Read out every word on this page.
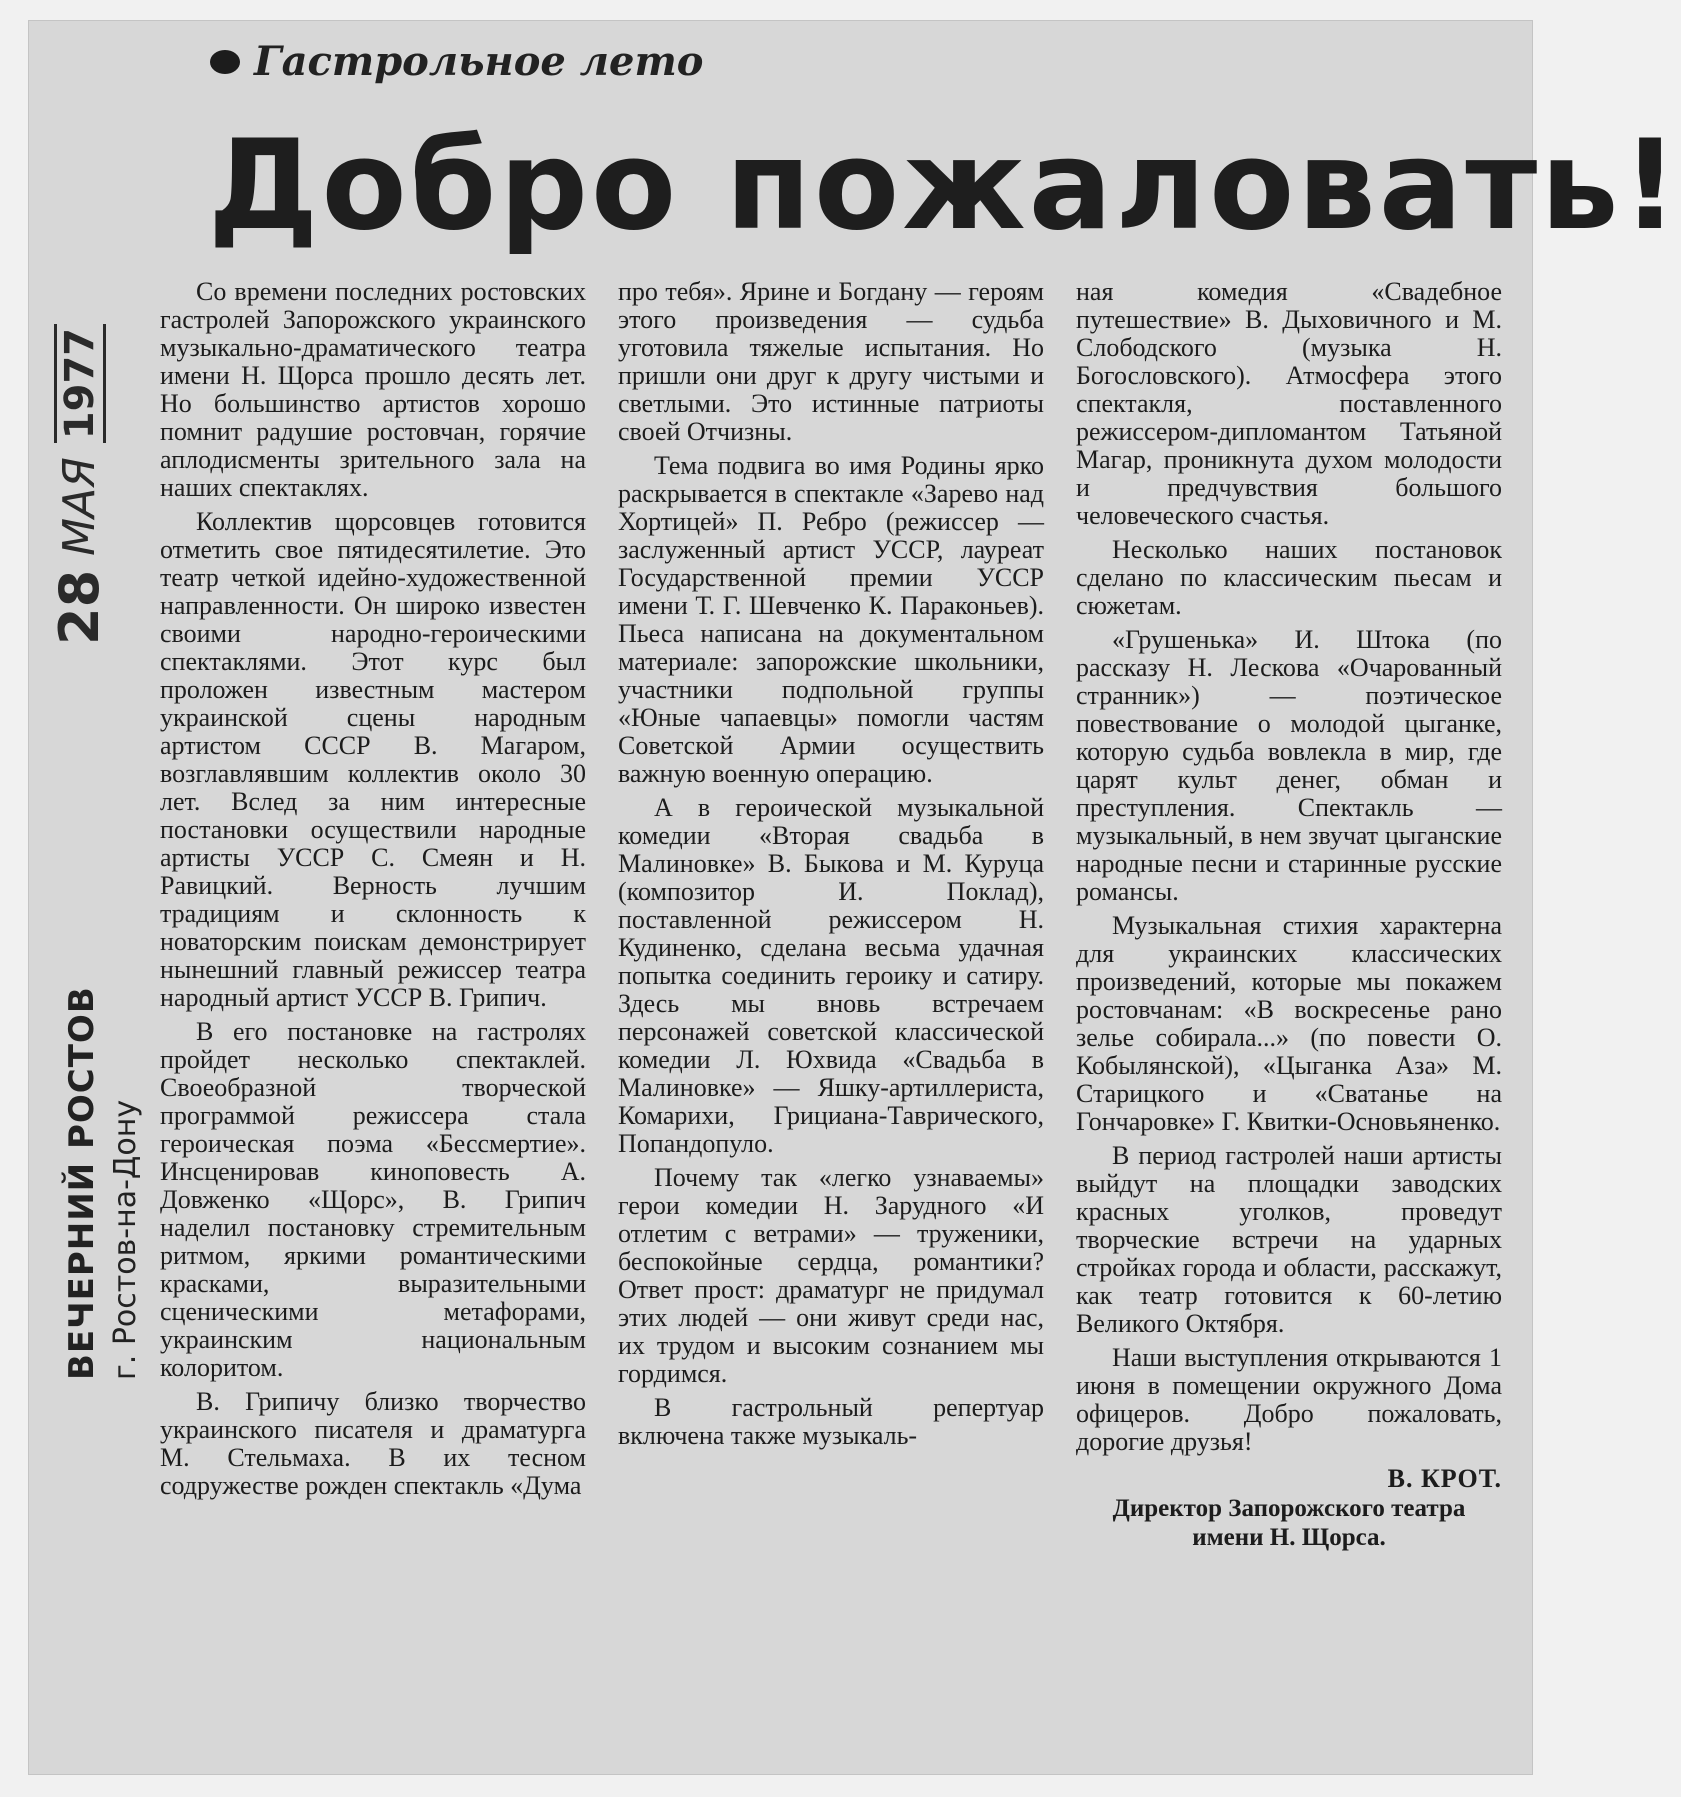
Гастрольное лето
Добро пожаловать!
ВЕЧЕРНИЙ РОСТОВ г. Ростов-на-Дону
28
МАЯ
1977

Со времени последних ростовских гастролей Запорожского украинского музыкально-драматического театра имени Н. Щорса прошло десять лет. Но большинство артистов хорошо помнит радушие ростовчан, горячие аплодисменты зрительного зала на наших спектаклях.

Коллектив щорсовцев готовится отметить свое пятидесятилетие. Это театр четкой идейно-художественной направленности. Он широко известен своими народно-героическими спектаклями. Этот курс был проложен известным мастером украинской сцены народным артистом СССР В. Магаром, возглавлявшим коллектив около 30 лет. Вслед за ним интересные постановки осуществили народные артисты УССР С. Смеян и Н. Равицкий. Верность лучшим традициям и склонность к новаторским поискам демонстрирует нынешний главный режиссер театра народный артист УССР В. Грипич.

В его постановке на гастролях пройдет несколько спектаклей. Своеобразной творческой программой режиссера стала героическая поэма «Бессмертие». Инсценировав киноповесть А. Довженко «Щорс», В. Грипич наделил постановку стремительным ритмом, яркими романтическими красками, выразительными сценическими метафорами, украинским национальным колоритом.

В. Грипичу близко творчество украинского писателя и драматурга М. Стельмаха. В их тесном содружестве рожден спектакль «Дума

про тебя». Ярине и Богдану — героям этого произведения — судьба уготовила тяжелые испытания. Но пришли они друг к другу чистыми и светлыми. Это истинные патриоты своей Отчизны.

Тема подвига во имя Родины ярко раскрывается в спектакле «Зарево над Хортицей» П. Ребро (режиссер — заслуженный артист УССР, лауреат Государственной премии УССР имени Т. Г. Шевченко К. Параконьев). Пьеса написана на документальном материале: запорожские школьники, участники подпольной группы «Юные чапаевцы» помогли частям Советской Армии осуществить важную военную операцию.

А в героической музыкальной комедии «Вторая свадьба в Малиновке» В. Быкова и М. Куруца (композитор И. Поклад), поставленной режиссером Н. Кудиненко, сделана весьма удачная попытка соединить героику и сатиру. Здесь мы вновь встречаем персонажей советской классической комедии Л. Юхвида «Свадьба в Малиновке» — Яшку-артиллериста, Комарихи, Грициана-Таврического, Попандопуло.

Почему так «легко узнаваемы» герои комедии Н. Зарудного «И отлетим с ветрами» — труженики, беспокойные сердца, романтики? Ответ прост: драматург не придумал этих людей — они живут среди нас, их трудом и высоким сознанием мы гордимся.

В гастрольный репертуар включена также музыкаль-

ная комедия «Свадебное путешествие» В. Дыховичного и М. Слободского (музыка Н. Богословского). Атмосфера этого спектакля, поставленного режиссером-дипломантом Татьяной Магар, проникнута духом молодости и предчувствия большого человеческого счастья.

Несколько наших постановок сделано по классическим пьесам и сюжетам.

«Грушенька» И. Штока (по рассказу Н. Лескова «Очарованный странник») — поэтическое повествование о молодой цыганке, которую судьба вовлекла в мир, где царят культ денег, обман и преступления. Спектакль — музыкальный, в нем звучат цыганские народные песни и старинные русские романсы.

Музыкальная стихия характерна для украинских классических произведений, которые мы покажем ростовчанам: «В воскресенье рано зелье собирала...» (по повести О. Кобылянской), «Цыганка Аза» М. Старицкого и «Сватанье на Гончаровке» Г. Квитки-Основьяненко.

В период гастролей наши артисты выйдут на площадки заводских красных уголков, проведут творческие встречи на ударных стройках города и области, расскажут, как театр готовится к 60-летию Великого Октября.

Наши выступления открываются 1 июня в помещении окружного Дома офицеров. Добро пожаловать, дорогие друзья!

В. КРОТ.
Директор Запорожского театра имени Н. Щорса.
